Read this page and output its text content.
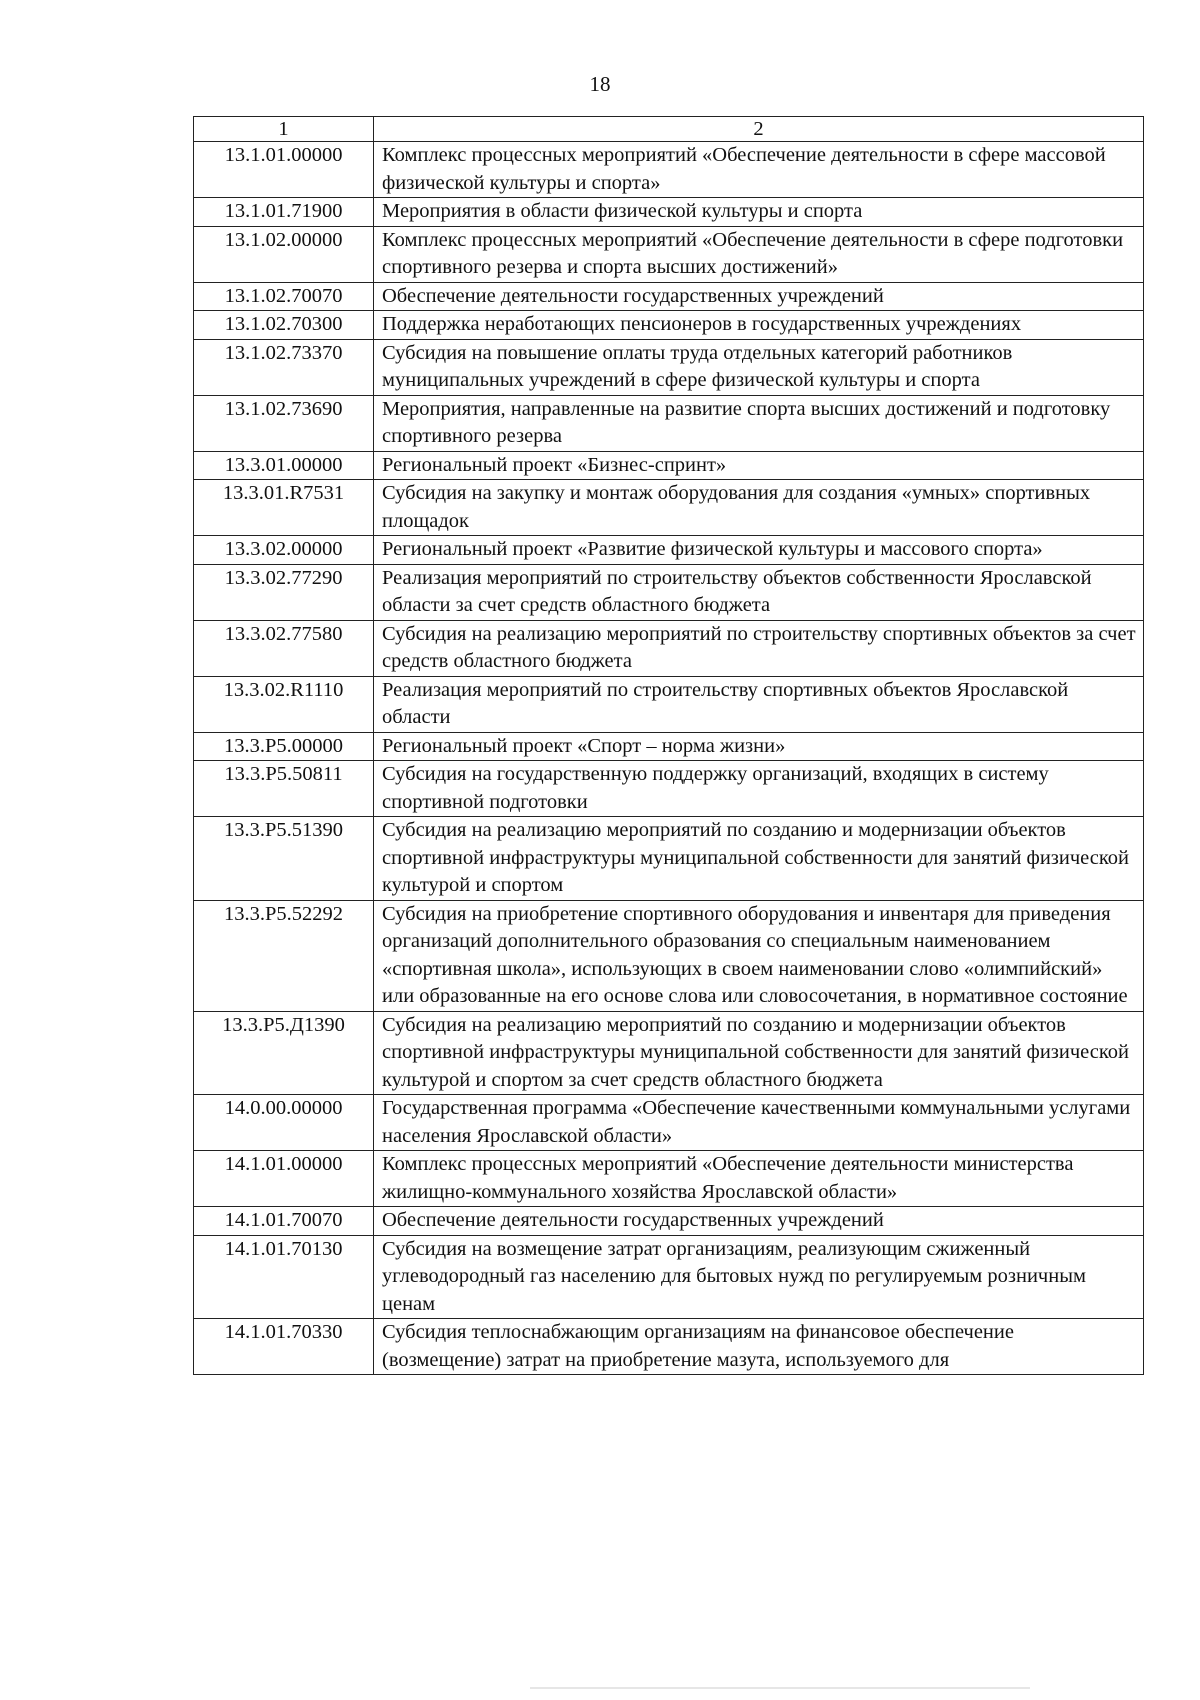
18
1	2
13.1.01.00000	Комплекс процессных мероприятий «Обеспечение деятельности в сфере массовой физической культуры и спорта»
13.1.01.71900	Мероприятия в области физической культуры и спорта
13.1.02.00000	Комплекс процессных мероприятий «Обеспечение деятельности в сфере подготовки спортивного резерва и спорта высших достижений»
13.1.02.70070	Обеспечение деятельности государственных учреждений
13.1.02.70300	Поддержка неработающих пенсионеров в государственных учреждениях
13.1.02.73370	Субсидия на повышение оплаты труда отдельных категорий работников муниципальных учреждений в сфере физической культуры и спорта
13.1.02.73690	Мероприятия, направленные на развитие спорта высших достижений и подготовку спортивного резерва
13.3.01.00000	Региональный проект «Бизнес-спринт»
13.3.01.R7531	Субсидия на закупку и монтаж оборудования для создания «умных» спортивных площадок
13.3.02.00000	Региональный проект «Развитие физической культуры и массового спорта»
13.3.02.77290	Реализация мероприятий по строительству объектов собственности Ярославской области за счет средств областного бюджета
13.3.02.77580	Субсидия на реализацию мероприятий по строительству спортивных объектов за счет средств областного бюджета
13.3.02.R1110	Реализация мероприятий по строительству спортивных объектов Ярославской области
13.3.P5.00000	Региональный проект «Спорт – норма жизни»
13.3.P5.50811	Субсидия на государственную поддержку организаций, входящих в систему спортивной подготовки
13.3.P5.51390	Субсидия на реализацию мероприятий по созданию и модернизации объектов спортивной инфраструктуры муниципальной собственности для занятий физической культурой и спортом
13.3.P5.52292	Субсидия на приобретение спортивного оборудования и инвентаря для приведения организаций дополнительного образования со специальным наименованием «спортивная школа», использующих в своем наименовании слово «олимпийский» или образованные на его основе слова или словосочетания, в нормативное состояние
13.3.P5.Д1390	Субсидия на реализацию мероприятий по созданию и модернизации объектов спортивной инфраструктуры муниципальной собственности для занятий физической культурой и спортом за счет средств областного бюджета
14.0.00.00000	Государственная программа «Обеспечение качественными коммунальными услугами населения Ярославской области»
14.1.01.00000	Комплекс процессных мероприятий «Обеспечение деятельности министерства жилищно-коммунального хозяйства Ярославской области»
14.1.01.70070	Обеспечение деятельности государственных учреждений
14.1.01.70130	Субсидия на возмещение затрат организациям, реализующим сжиженный углеводородный газ населению для бытовых нужд по регулируемым розничным ценам
14.1.01.70330	Субсидия теплоснабжающим организациям на финансовое обеспечение (возмещение) затрат на приобретение мазута, используемого для
